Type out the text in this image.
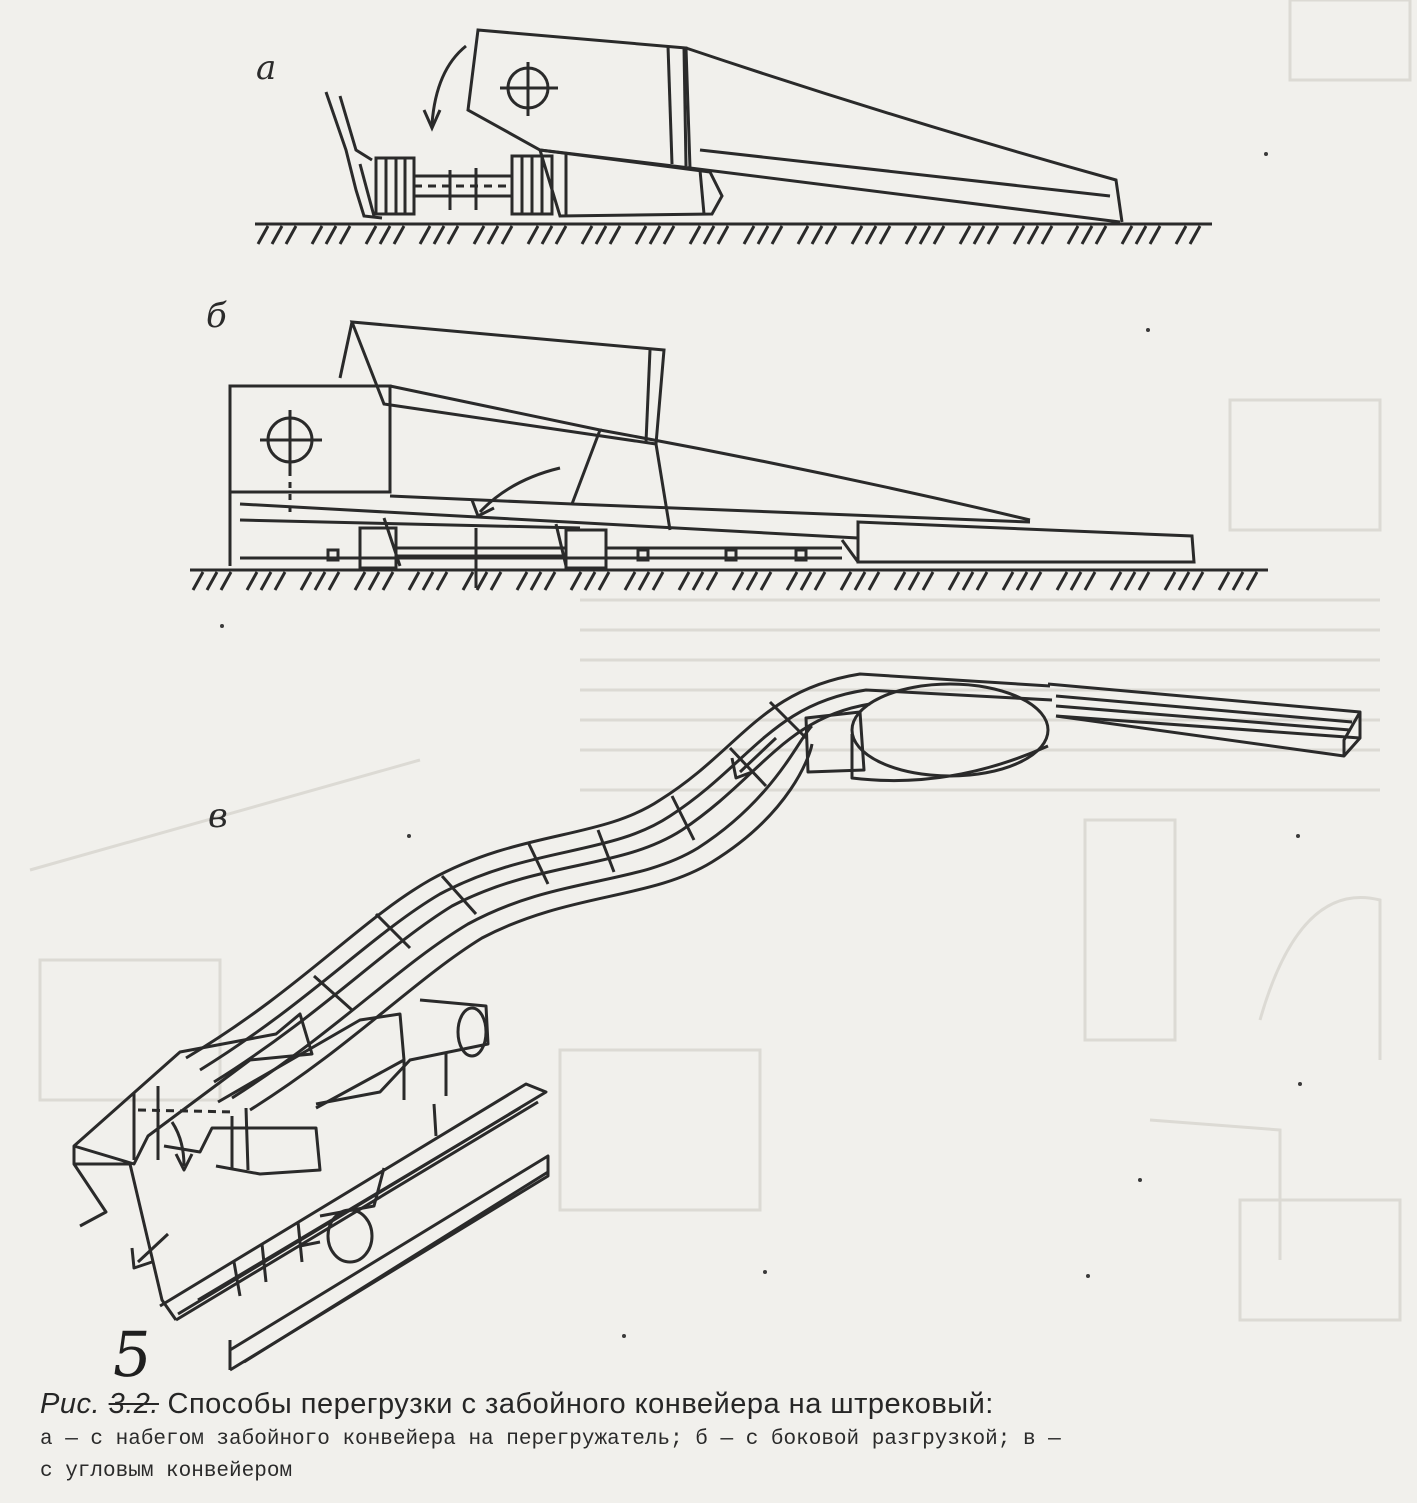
a
б
в
5
Рис. 3.2. Способы перегрузки с забойного конвейера на штрековый:
а — с набегом забойного конвейера на перегружатель; б — с боковой разгрузкой; в —
с угловым конвейером
